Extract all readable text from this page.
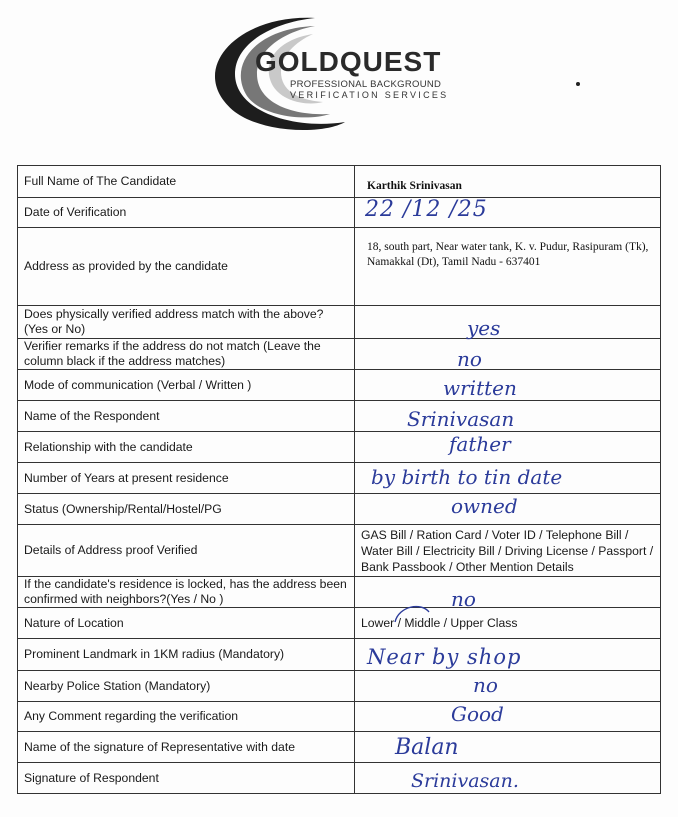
GOLDQUEST
PROFESSIONAL BACKGROUND
VERIFICATION SERVICES
Full Name of The Candidate	Karthik Srinivasan

Date of Verification	22 /12 /25

Address as provided by the candidate	18, south part, Near water tank, K. v. Pudur, Rasipuram (Tk), Namakkal (Dt), Tamil Nadu - 637401

Does physically verified address match with the above? (Yes or No)	yes

Verifier remarks if the address do not match (Leave the column black if the address matches)	no

Mode of communication (Verbal / Written )	written

Name of the Respondent	Srinivasan

Relationship with the candidate	father

Number of Years at present residence	by birth to tin date

Status (Ownership/Rental/Hostel/PG	owned

Details of Address proof Verified	GAS Bill / Ration Card / Voter ID / Telephone Bill / Water Bill / Electricity Bill / Driving License / Passport / Bank Passbook / Other Mention Details

If the candidate's residence is locked, has the address been confirmed with neighbors?(Yes / No )	no

Nature of Location	Lower / Middle / Upper Class

Prominent Landmark in 1KM radius (Mandatory)	Near by shop

Nearby Police Station (Mandatory)	no

Any Comment regarding the verification	Good

Name of the signature of Representative with date	Balan

Signature of Respondent	Srinivasan.
